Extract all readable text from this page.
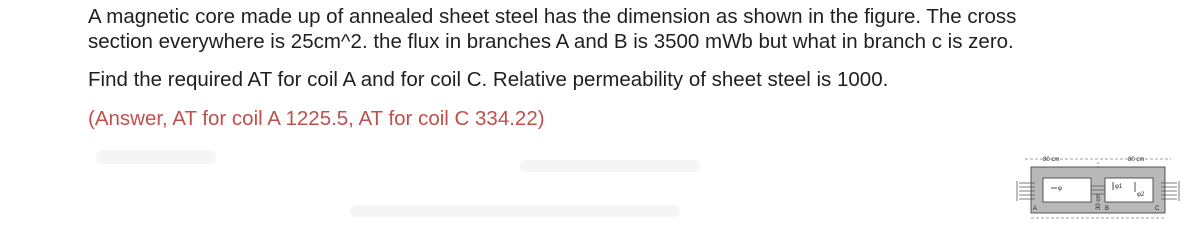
A magnetic core made up of annealed sheet steel has the dimension as shown in the figure. The cross

section everywhere is 25cm^2. the flux in branches A and B is 3500 mWb but what in branch c is zero.

Find the required AT for coil A and for coil C. Relative permeability of sheet steel is 1000.

(Answer, AT for coil A 1225.5, AT for coil C 334.22)

80 cm	80 cm
30 cm
A	B	C
φ	φ1
φ2
